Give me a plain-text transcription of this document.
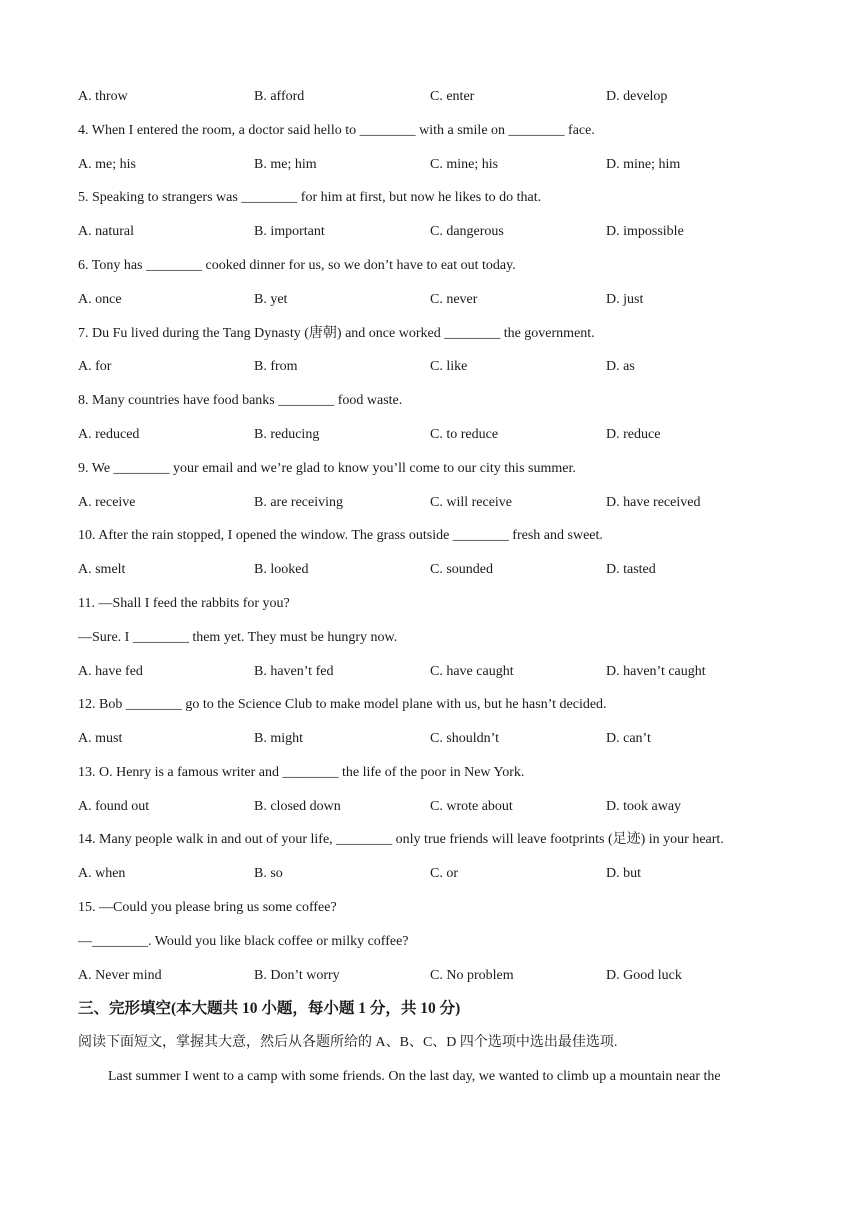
A. throw	B. afford	C. enter	D. develop
4. When I entered the room, a doctor said hello to ________ with a smile on ________ face.
A. me; his	B. me; him	C. mine; his	D. mine; him
5. Speaking to strangers was ________ for him at first, but now he likes to do that.
A. natural	B. important	C. dangerous	D. impossible
6. Tony has ________ cooked dinner for us, so we don’t have to eat out today.
A. once	B. yet	C. never	D. just
7. Du Fu lived during the Tang Dynasty (唐朝) and once worked ________ the government.
A. for	B. from	C. like	D. as
8. Many countries have food banks ________ food waste.
A. reduced	B. reducing	C. to reduce	D. reduce
9. We ________ your email and we’re glad to know you’ll come to our city this summer.
A. receive	B. are receiving	C. will receive	D. have received
10. After the rain stopped, I opened the window. The grass outside ________ fresh and sweet.
A. smelt	B. looked	C. sounded	D. tasted
11. —Shall I feed the rabbits for you?
—Sure. I ________ them yet. They must be hungry now.
A. have fed	B. haven’t fed	C. have caught	D. haven’t caught
12. Bob ________ go to the Science Club to make model plane with us, but he hasn’t decided.
A. must	B. might	C. shouldn’t	D. can’t
13. O. Henry is a famous writer and ________ the life of the poor in New York.
A. found out	B. closed down	C. wrote about	D. took away
14. Many people walk in and out of your life, ________ only true friends will leave footprints (足迹) in your heart.
A. when	B. so	C. or	D. but
15. —Could you please bring us some coffee?
—________. Would you like black coffee or milky coffee?
A. Never mind	B. Don’t worry	C. No problem	D. Good luck
三、完形填空(本大题共 10 小题，每小题 1 分，共 10 分)
阅读下面短文，掌握其大意，然后从各题所给的 A、B、C、D 四个选项中选出最佳选项.
Last summer I went to a camp with some friends. On the last day, we wanted to climb up a mountain near the
